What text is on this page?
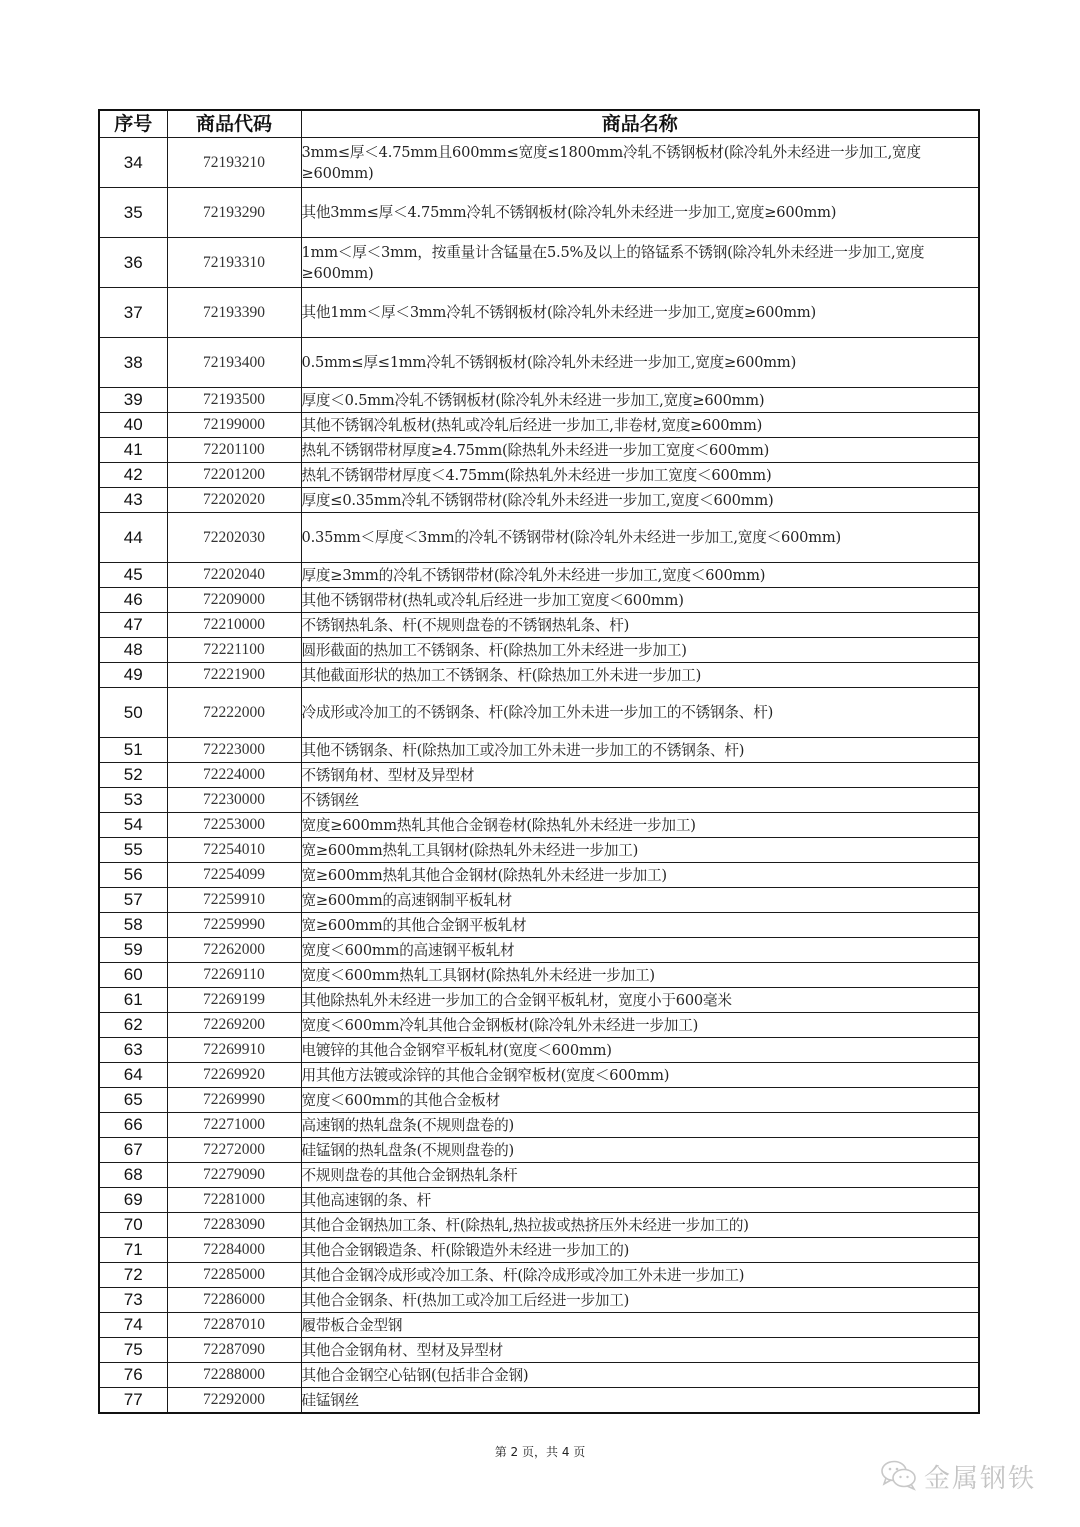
序号	商品代码	商品名称
34	72193210	3mm≤厚＜4.75mm且600mm≤宽度≤1800mm冷轧不锈钢板材(除冷轧外未经进一步加工,宽度≥600mm)
35	72193290	其他3mm≤厚＜4.75mm冷轧不锈钢板材(除冷轧外未经进一步加工,宽度≥600mm)
36	72193310	1mm＜厚＜3mm，按重量计含锰量在5.5%及以上的铬锰系不锈钢(除冷轧外未经进一步加工,宽度≥600mm)
37	72193390	其他1mm＜厚＜3mm冷轧不锈钢板材(除冷轧外未经进一步加工,宽度≥600mm)
38	72193400	0.5mm≤厚≤1mm冷轧不锈钢板材(除冷轧外未经进一步加工,宽度≥600mm)
39	72193500	厚度＜0.5mm冷轧不锈钢板材(除冷轧外未经进一步加工,宽度≥600mm)
40	72199000	其他不锈钢冷轧板材(热轧或冷轧后经进一步加工,非卷材,宽度≥600mm)
41	72201100	热轧不锈钢带材厚度≥4.75mm(除热轧外未经进一步加工宽度＜600mm)
42	72201200	热轧不锈钢带材厚度＜4.75mm(除热轧外未经进一步加工宽度＜600mm)
43	72202020	厚度≤0.35mm冷轧不锈钢带材(除冷轧外未经进一步加工,宽度＜600mm)
44	72202030	0.35mm＜厚度＜3mm的冷轧不锈钢带材(除冷轧外未经进一步加工,宽度＜600mm)
45	72202040	厚度≥3mm的冷轧不锈钢带材(除冷轧外未经进一步加工,宽度＜600mm)
46	72209000	其他不锈钢带材(热轧或冷轧后经进一步加工宽度＜600mm)
47	72210000	不锈钢热轧条、杆(不规则盘卷的不锈钢热轧条、杆)
48	72221100	圆形截面的热加工不锈钢条、杆(除热加工外未经进一步加工)
49	72221900	其他截面形状的热加工不锈钢条、杆(除热加工外未进一步加工)
50	72222000	冷成形或冷加工的不锈钢条、杆(除冷加工外未进一步加工的不锈钢条、杆)
51	72223000	其他不锈钢条、杆(除热加工或冷加工外未进一步加工的不锈钢条、杆)
52	72224000	不锈钢角材、型材及异型材
53	72230000	不锈钢丝
54	72253000	宽度≥600mm热轧其他合金钢卷材(除热轧外未经进一步加工)
55	72254010	宽≥600mm热轧工具钢材(除热轧外未经进一步加工)
56	72254099	宽≥600mm热轧其他合金钢材(除热轧外未经进一步加工)
57	72259910	宽≥600mm的高速钢制平板轧材
58	72259990	宽≥600mm的其他合金钢平板轧材
59	72262000	宽度＜600mm的高速钢平板轧材
60	72269110	宽度＜600mm热轧工具钢材(除热轧外未经进一步加工)
61	72269199	其他除热轧外未经进一步加工的合金钢平板轧材，宽度小于600毫米
62	72269200	宽度＜600mm冷轧其他合金钢板材(除冷轧外未经进一步加工)
63	72269910	电镀锌的其他合金钢窄平板轧材(宽度＜600mm)
64	72269920	用其他方法镀或涂锌的其他合金钢窄板材(宽度＜600mm)
65	72269990	宽度＜600mm的其他合金板材
66	72271000	高速钢的热轧盘条(不规则盘卷的)
67	72272000	硅锰钢的热轧盘条(不规则盘卷的)
68	72279090	不规则盘卷的其他合金钢热轧条杆
69	72281000	其他高速钢的条、杆
70	72283090	其他合金钢热加工条、杆(除热轧,热拉拔或热挤压外未经进一步加工的)
71	72284000	其他合金钢锻造条、杆(除锻造外未经进一步加工的)
72	72285000	其他合金钢冷成形或冷加工条、杆(除冷成形或冷加工外未进一步加工)
73	72286000	其他合金钢条、杆(热加工或冷加工后经进一步加工)
74	72287010	履带板合金型钢
75	72287090	其他合金钢角材、型材及异型材
76	72288000	其他合金钢空心钻钢(包括非合金钢)
77	72292000	硅锰钢丝
第 2 页，共 4 页
金属钢铁
